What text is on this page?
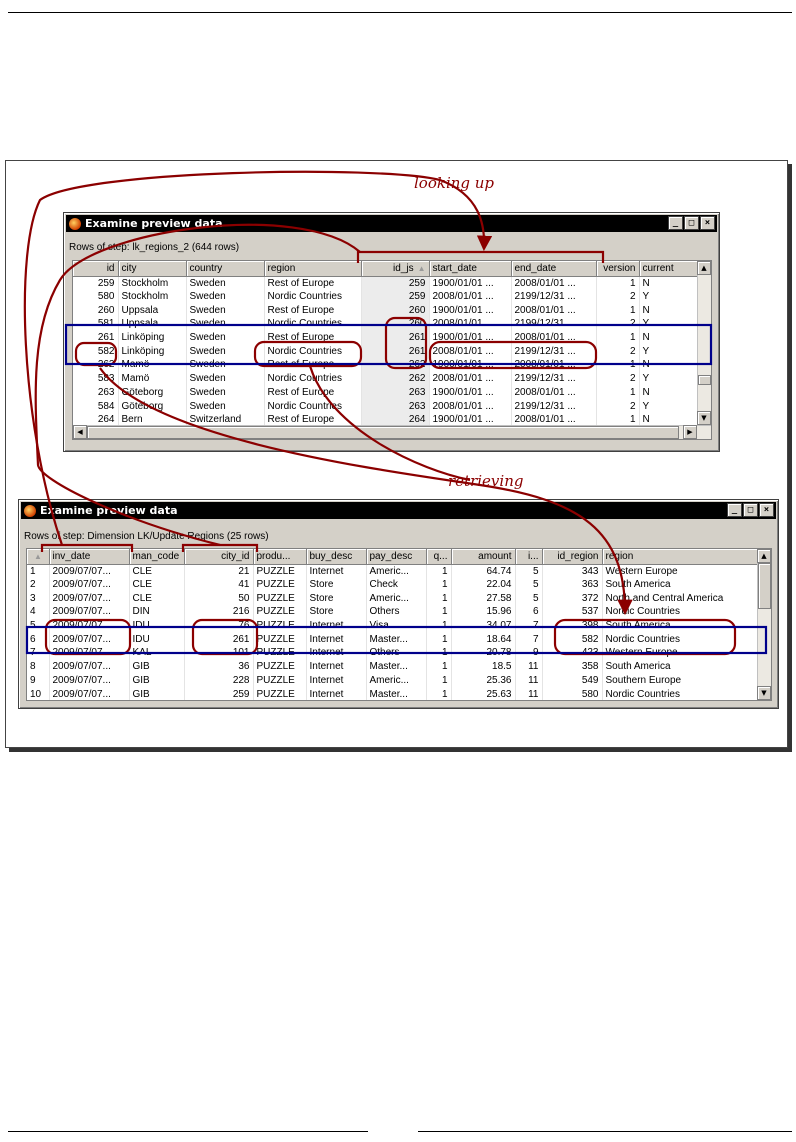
Examine preview data	_	□	×
Rows of step: lk_regions_2 (644 rows)
id	city	country	region	id_js ▲	start_date	end_date	version	current
259	Stockholm	Sweden	Rest of Europe	259	1900/01/01 ...	2008/01/01 ...	1	N
580	Stockholm	Sweden	Nordic Countries	259	2008/01/01 ...	2199/12/31 ...	2	Y
260	Uppsala	Sweden	Rest of Europe	260	1900/01/01 ...	2008/01/01 ...	1	N
581	Uppsala	Sweden	Nordic Countries	260	2008/01/01 ...	2199/12/31 ...	2	Y
261	Linköping	Sweden	Rest of Europe	261	1900/01/01 ...	2008/01/01 ...	1	N
582	Linköping	Sweden	Nordic Countries	261	2008/01/01 ...	2199/12/31 ...	2	Y
262	Mamö	Sweden	Rest of Europe	262	1900/01/01 ...	2008/01/01 ...	1	N
583	Mamö	Sweden	Nordic Countries	262	2008/01/01 ...	2199/12/31 ...	2	Y
263	Göteborg	Sweden	Rest of Europe	263	1900/01/01 ...	2008/01/01 ...	1	N
584	Göteborg	Sweden	Nordic Countries	263	2008/01/01 ...	2199/12/31 ...	2	Y
264	Bern	Switzerland	Rest of Europe	264	1900/01/01 ...	2008/01/01 ...	1	N
▲
▼
◀	▶
Examine preview data	_	□	×
Rows of step: Dimension LK/Update Regions (25 rows)
▲	inv_date	man_code	city_id	produ...	buy_desc	pay_desc	q...	amount	i...	id_region	region
1	2009/07/07...	CLE	21	PUZZLE	Internet	Americ...	1	64.74	5	343	Western Europe
2	2009/07/07...	CLE	41	PUZZLE	Store	Check	1	22.04	5	363	South America
3	2009/07/07...	CLE	50	PUZZLE	Store	Americ...	1	27.58	5	372	North and Central America
4	2009/07/07...	DIN	216	PUZZLE	Store	Others	1	15.96	6	537	Nordic Countries
5	2009/07/07...	IDU	76	PUZZLE	Internet	Visa	1	34.07	7	398	South America
6	2009/07/07...	IDU	261	PUZZLE	Internet	Master...	1	18.64	7	582	Nordic Countries
7	2009/07/07...	KAL	101	PUZZLE	Internet	Others	1	20.78	9	423	Western Europe
8	2009/07/07...	GIB	36	PUZZLE	Internet	Master...	1	18.5	11	358	South America
9	2009/07/07...	GIB	228	PUZZLE	Internet	Americ...	1	25.36	11	549	Southern Europe
10	2009/07/07...	GIB	259	PUZZLE	Internet	Master...	1	25.63	11	580	Nordic Countries
▲
▼
looking up
retrieving
